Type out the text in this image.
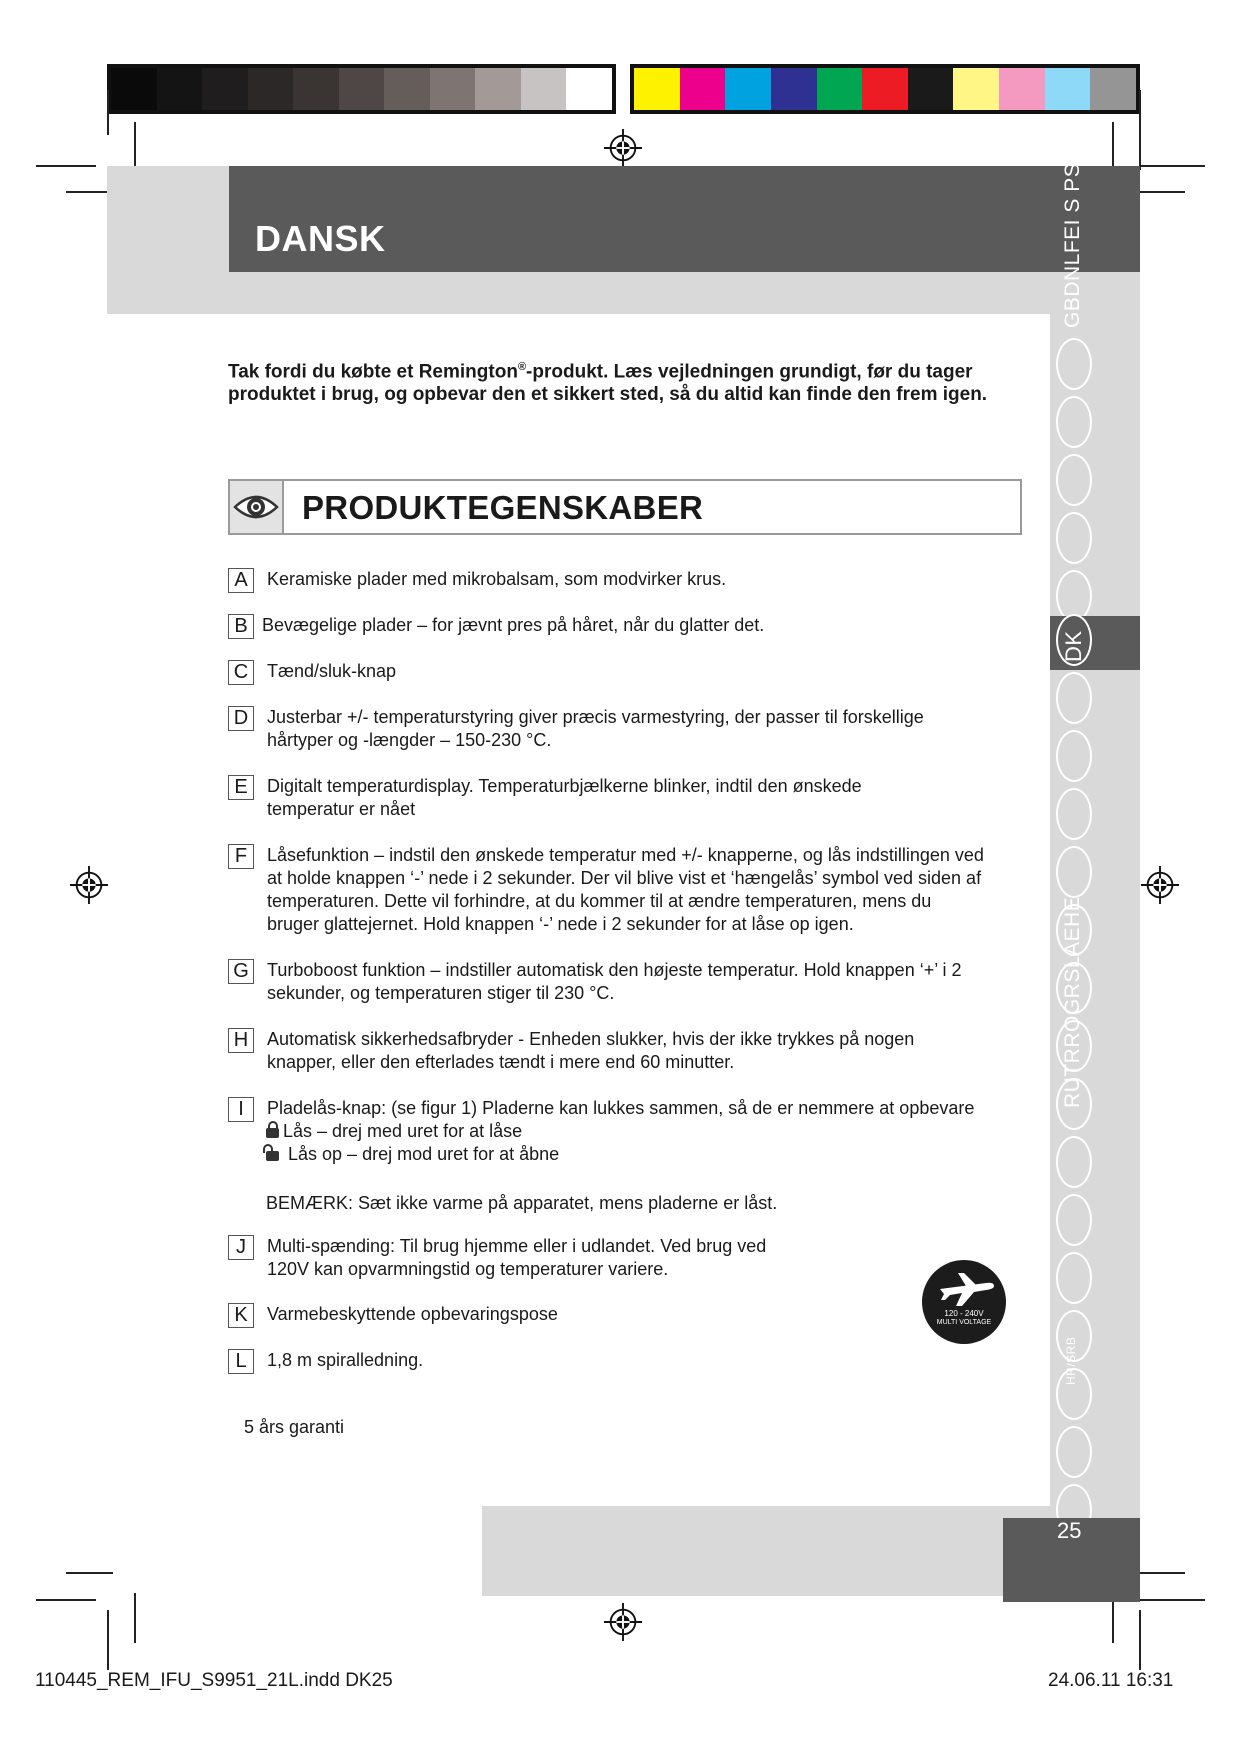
DANSK	GBDNLFEI S PSKCZ
DK
RUTRROGRSLAEHE
HR/SRB
25
Tak fordi du købte et Remington®-produkt. Læs vejledningen grundigt, før du tager produktet i brug, og opbevar den et sikkert sted, så du altid kan finde den frem igen.
PRODUKTEGENSKABER
A	Keramiske plader med mikrobalsam, som modvirker krus.
B Bevægelige plader – for jævnt pres på håret, når du glatter det.
C	Tænd/sluk-knap
D	Justerbar +/- temperaturstyring giver præcis varmestyring, der passer til forskellige hårtyper og -længder – 150-230 °C.
E	Digitalt temperaturdisplay. Temperaturbjælkerne blinker, indtil den ønskede temperatur er nået
F	Låsefunktion – indstil den ønskede temperatur med +/- knapperne, og lås indstillingen ved at holde knappen ‘-’ nede i 2 sekunder. Der vil blive vist et ‘hængelås’ symbol ved siden af temperaturen. Dette vil forhindre, at du kommer til at ændre temperaturen, mens du bruger glattejernet. Hold knappen ‘-’ nede i 2 sekunder for at låse op igen.
G Turboboost funktion – indstiller automatisk den højeste temperatur. Hold knappen ‘+’ i 2 sekunder, og temperaturen stiger til 230 °C.
H	Automatisk sikkerhedsafbryder - Enheden slukker, hvis der ikke trykkes på nogen knapper, eller den efterlades tændt i mere end 60 minutter.
I	Pladelås-knap: (se figur 1) Pladerne kan lukkes sammen, så de er nemmere at opbevare
Lås – drej med uret for at låse
Lås op – drej mod uret for at åbne
BEMÆRK: Sæt ikke varme på apparatet, mens pladerne er låst.
J	Multi-spænding: Til brug hjemme eller i udlandet. Ved brug ved 120V kan opvarmningstid og temperaturer variere.
K	Varmebeskyttende opbevaringspose
L	1,8 m spiralledning.
120 - 240V
MULTI VOLTAGE
5 års garanti
110445_REM_IFU_S9951_21L.indd DK25	24.06.11 16:31
